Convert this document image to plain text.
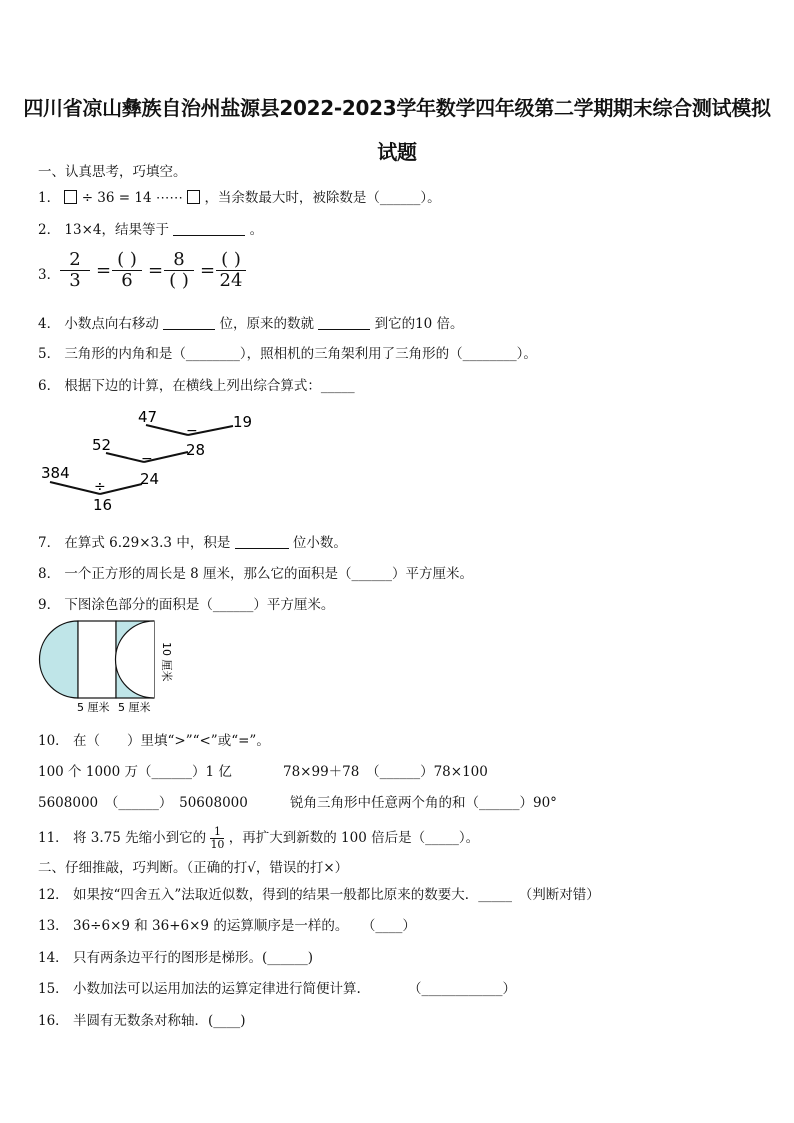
四川省凉山彝族自治州盐源县2022-2023学年数学四年级第二学期期末综合测试模拟
试题
一、认真思考，巧填空。
1． ÷ 36 = 14 ⋯⋯ ，当余数最大时，被除数是（______）。
2． 13×4，结果等于	。
3． $\frac{2}{3}$ =
( )
6 =
8
( ) =
( )
24
4． 小数点向右移动	位，原来的数就	到它的10 倍。
5． 三角形的内角和是（________），照相机的三角架利用了三角形的（________）。
6． 根据下边的计算，在横线上列出综合算式：_____
47	19
−
28
52
−
24
384
÷
16
7． 在算式 6.29×3.3 中，积是	位小数。
8． 一个正方形的周长是 8 厘米，那么它的面积是（______）平方厘米。
9． 下图涂色部分的面积是（______）平方厘米。
5 厘米 5 厘米
10 厘米
10． 在（　　）里填“>”“<”或“=”。
100 个 1000 万（______）1 亿	78×99＋78　（______）78×100
5608000　（______）　50608000	锐角三角形中任意两个角的和（______）90°
11． 将 3.75 先缩小到它的 $\frac{1}{10}$ ，再扩大到新数的 100 倍后是（_____）。
二、仔细推敲，巧判断。（正确的打√，错误的打×）
12． 如果按“四舍五入”法取近似数，得到的结果一般都比原来的数要大．_____　（判断对错）
13． 36÷6×9 和 36+6×9 的运算顺序是一样的。　　（____）
14． 只有两条边平行的图形是梯形。(______)
15． 小数加法可以运用加法的运算定律进行简便计算.　　　　（____________）
16． 半圆有无数条对称轴．(____)
